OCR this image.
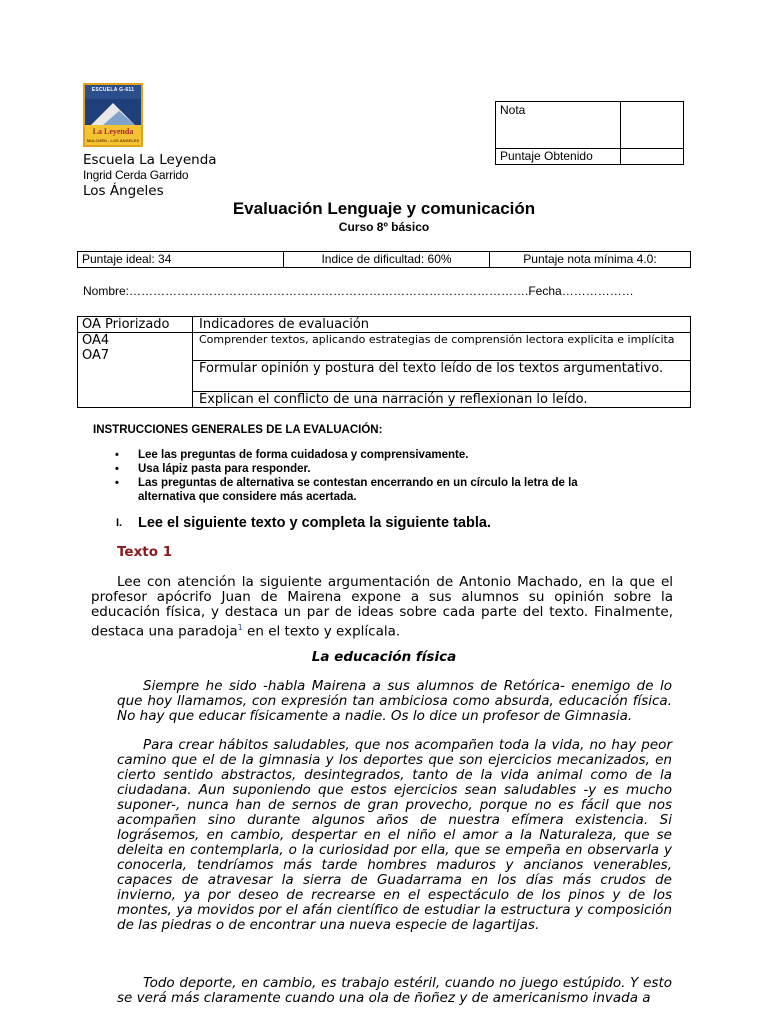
ESCUELA G-611
La Leyenda
MULCHÉN - LOS ÁNGELES
Escuela La Leyenda
Ingrid Cerda Garrido
Los Ángeles
Nota	
Puntaje Obtenido	
Evaluación Lenguaje y comunicación
Curso 8º básico
Puntaje ideal: 34	Indice de dificultad: 60%	Puntaje nota mínima 4.0:
Nombre:……………………………………………………………………………………….Fecha………………
OA Priorizado	Indicadores de evaluación

OA4
OA7	Comprender textos, aplicando estrategias de comprensión lectora explicita e implícita
	Formular opinión y postura del texto leído de los textos argumentativo.
	Explican el conflicto de una narración y reflexionan lo leído.
INSTRUCCIONES GENERALES DE LA EVALUACIÓN:
• Lee las preguntas de forma cuidadosa y comprensivamente.
• Usa lápiz pasta para responder.
• Las preguntas de alternativa se contestan encerrando en un círculo la letra de la alternativa que considere más acertada.
I. Lee el siguiente texto y completa la siguiente tabla.
Texto 1
Lee con atención la siguiente argumentación de Antonio Machado, en la que el profesor apócrifo Juan de Mairena expone a sus alumnos su opinión sobre la educación física, y destaca un par de ideas sobre cada parte del texto. Finalmente, destaca una paradoja$^1$ en el texto y explícala.
La educación física
Siempre he sido -habla Mairena a sus alumnos de Retórica- enemigo de lo que hoy llamamos, con expresión tan ambiciosa como absurda, educación física. No hay que educar físicamente a nadie. Os lo dice un profesor de Gimnasia.
Para crear hábitos saludables, que nos acompañen toda la vida, no hay peor camino que el de la gimnasia y los deportes que son ejercicios mecanizados, en cierto sentido abstractos, desintegrados, tanto de la vida animal como de la ciudadana. Aun suponiendo que estos ejercicios sean saludables -y es mucho suponer-, nunca han de sernos de gran provecho, porque no es fácil que nos acompañen sino durante algunos años de nuestra efímera existencia. Si lográsemos, en cambio, despertar en el niño el amor a la Naturaleza, que se deleita en contemplarla, o la curiosidad por ella, que se empeña en observarla y conocerla, tendríamos más tarde hombres maduros y ancianos venerables, capaces de atravesar la sierra de Guadarrama en los días más crudos de invierno, ya por deseo de recrearse en el espectáculo de los pinos y de los montes, ya movidos por el afán científico de estudiar la estructura y composición de las piedras o de encontrar una nueva especie de lagartijas.
Todo deporte, en cambio, es trabajo estéril, cuando no juego estúpido. Y esto se verá más claramente cuando una ola de ñoñez y de americanismo invada a
